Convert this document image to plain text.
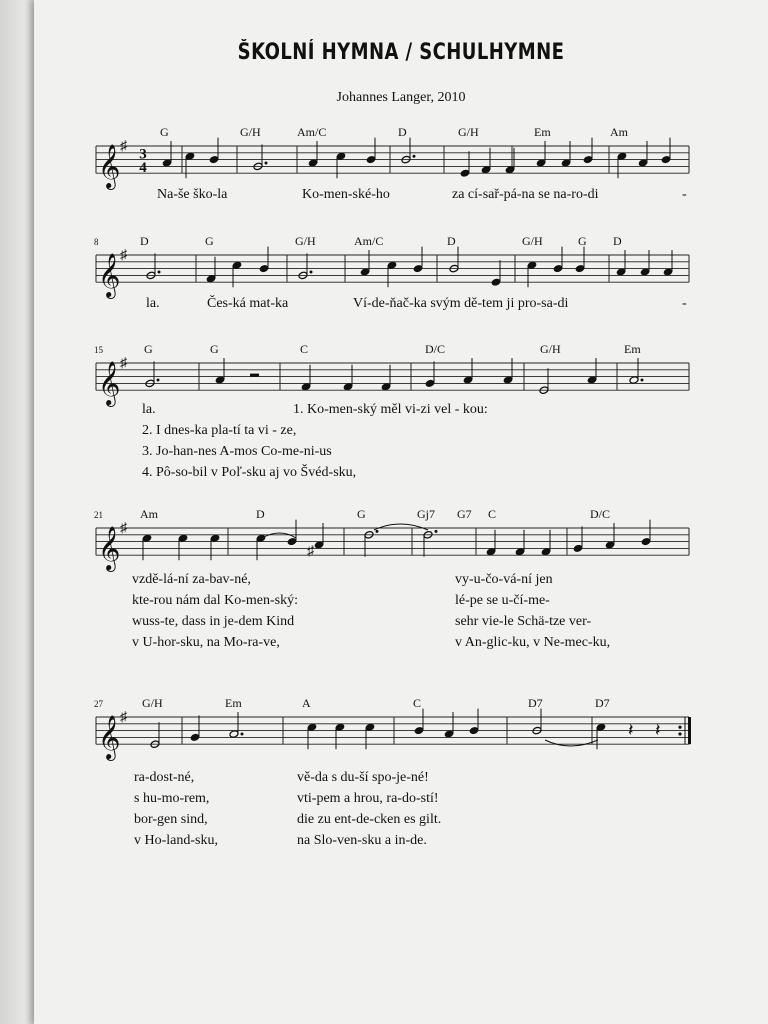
ŠKOLNÍ HYMNA / SCHULHYMNE
Johannes Langer, 2010
𝄞 ♯
3
4
G	G/H	Am/C	D	G/H	Em	Am
Na-še ško-la	Ko-men-ské-ho	za cí-sař-pá-na se na-ro-di	-
𝄞 ♯
8	D	G	G/H	Am/C	D	G/H	G D
la.	Čes-ká mat-ka	Ví-de-ňač-ka svým dě-tem ji pro-sa-di	-
𝄞 ♯
15	G	G	C	D/C	G/H	Em
la.	1. Ko-men-ský měl vi-zi vel - kou:
2. I dnes-ka pla-tí ta vi - ze,
3. Jo-han-nes A-mos Co-me-ni-us
4. Pô-so-bil v Poľ-sku aj vo Švéd-sku,
𝄞 ♯
21	Am	D	G	Gj7 G7 C	D/C
vzdě-lá-ní za-bav-né,	vy-u-čo-vá-ní jen
kte-rou nám dal Ko-men-ský:	lé-pe se u-čí-me-
wuss-te, dass in je-dem Kind	sehr vie-le Schä-tze ver-
v U-hor-sku, na Mo-ra-ve,	v An-glic-ku, v Ne-mec-ku,
𝄞 ♯
27	G/H	Em	A	C	D7	D7
ra-dost-né,	vě-da s du-ší spo-je-né!
s hu-mo-rem,	vti-pem a hrou, ra-do-stí!
bor-gen sind,	die zu ent-de-cken es gilt.
v Ho-land-sku,	na Slo-ven-sku a in-de.
♯
𝄽 𝄽
